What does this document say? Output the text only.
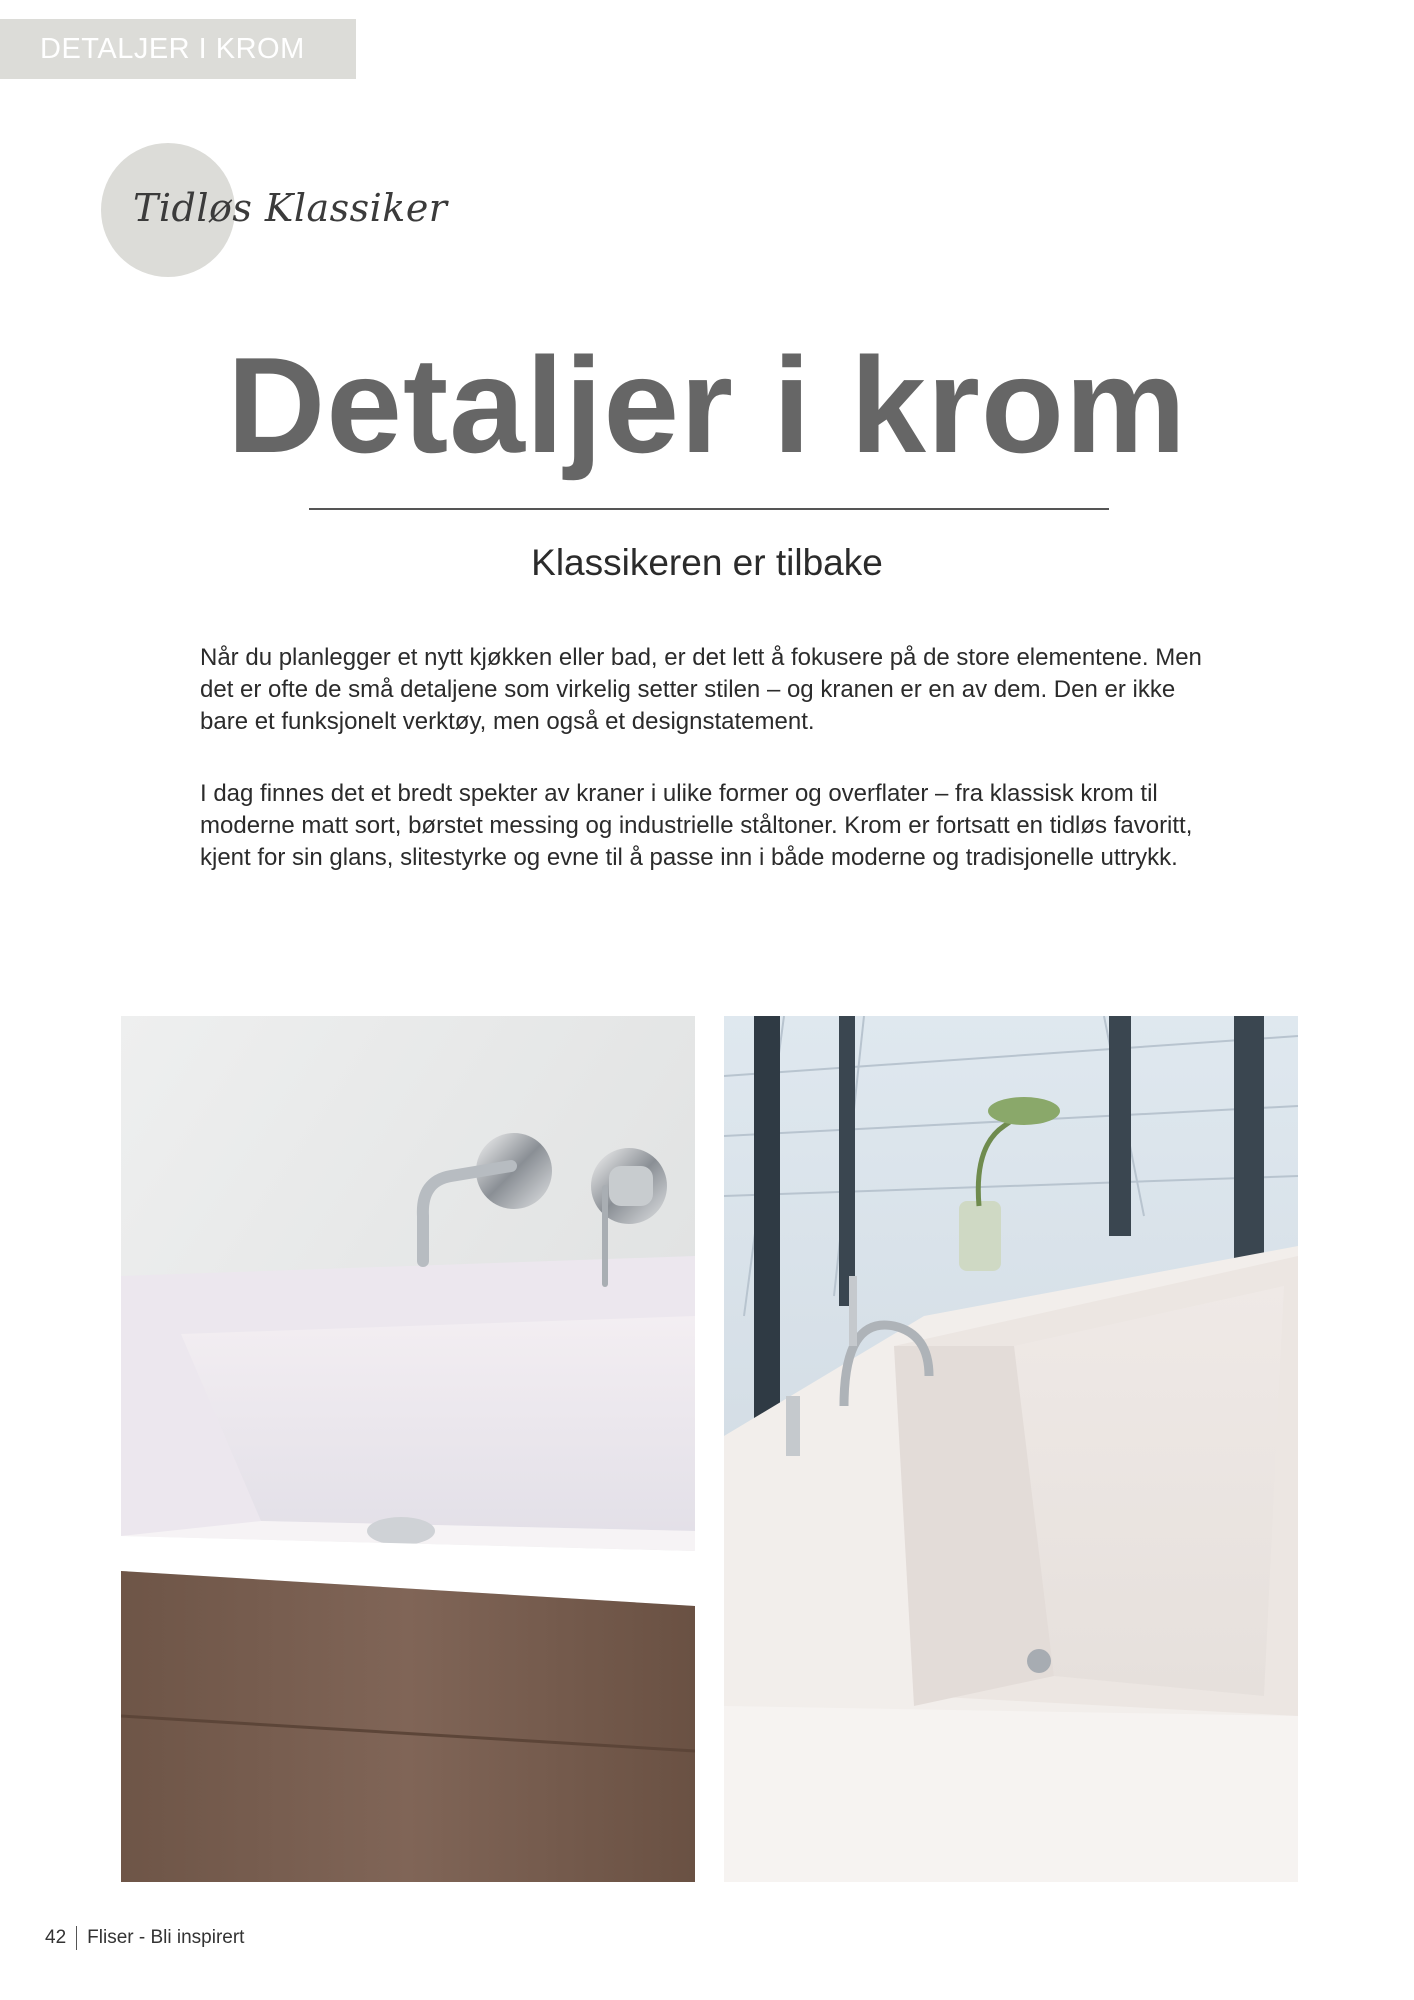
DETALJER I KROM
Tidløs Klassiker
Detaljer i krom
Klassikeren er tilbake

Når du planlegger et nytt kjøkken eller bad, er det lett å fokusere på de store elementene. Men det er ofte de små detaljene som virkelig setter stilen – og kranen er en av dem. Den er ikke bare et funksjonelt verktøy, men også et designstatement.

I dag finnes det et bredt spekter av kraner i ulike former og overflater – fra klassisk krom til moderne matt sort, børstet messing og industrielle ståltoner. Krom er fortsatt en tidløs favoritt, kjent for sin glans, slitestyrke og evne til å passe inn i både moderne og tradisjonelle uttrykk.

42 Fliser - Bli inspirert
